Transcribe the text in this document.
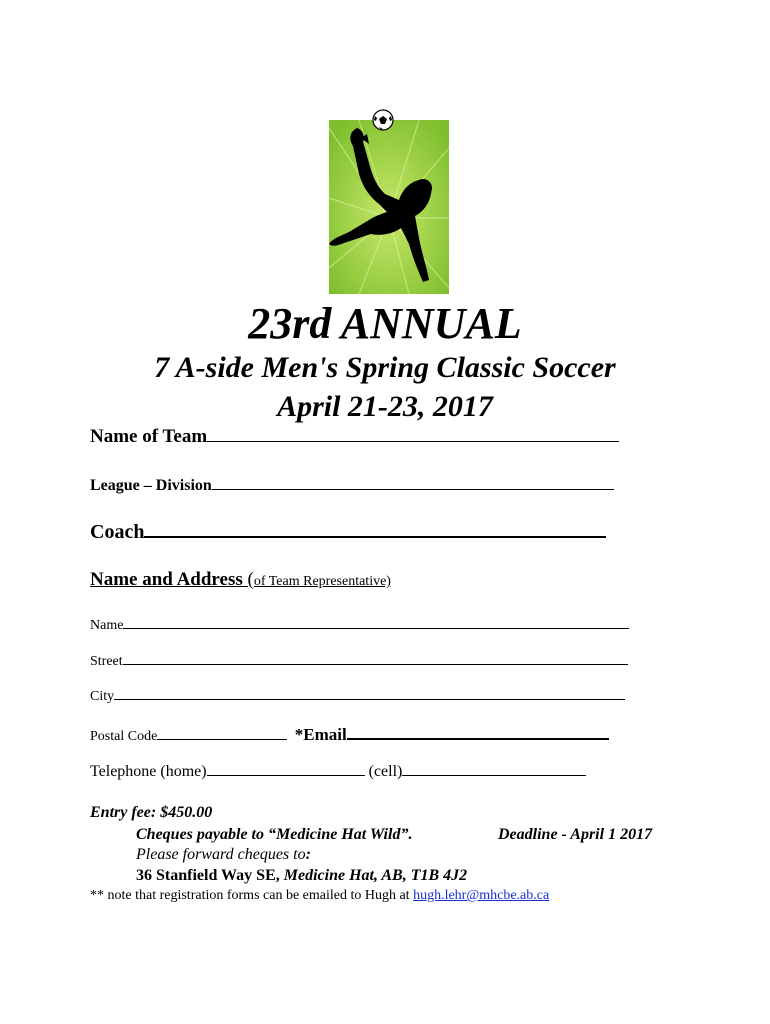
23rd ANNUAL
7 A-side Men's Spring Classic Soccer
April 21-23, 2017
Name of Team
League – Division
Coach
Name and Address (of Team Representative)
Name
Street
City
Postal Code	*Email
Telephone (home)	(cell)
Entry fee: $450.00
Cheques payable to “Medicine Hat Wild”.	Deadline - April 1 2017
Please forward cheques to:
36 Stanfield Way SE, Medicine Hat, AB, T1B 4J2
** note that registration forms can be emailed to Hugh at hugh.lehr@mhcbe.ab.ca
